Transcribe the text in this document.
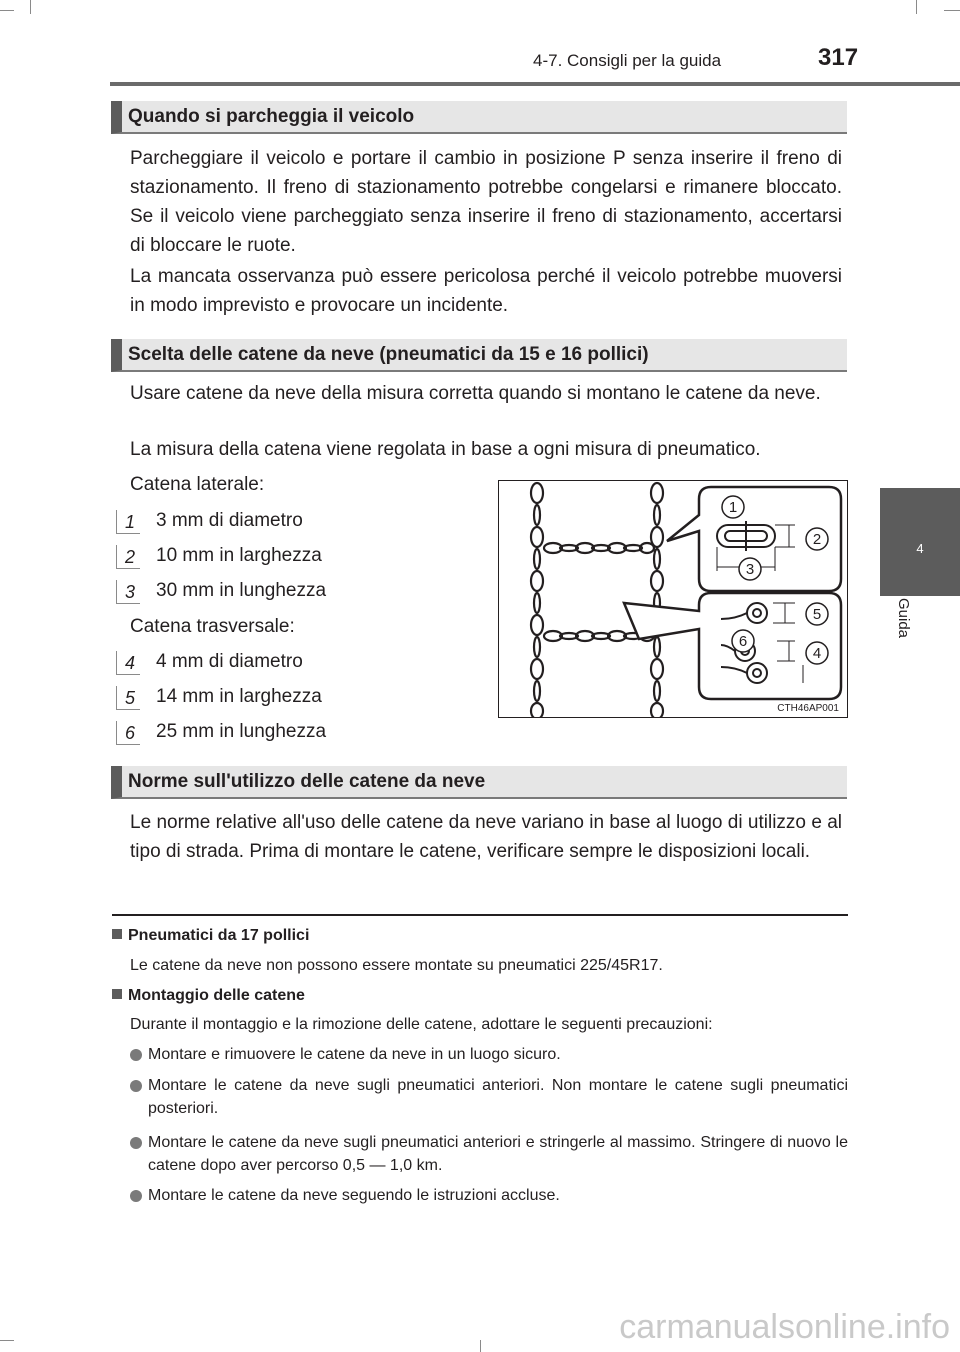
4-7. Consigli per la guida	317
4
Guida
Quando si parcheggia il veicolo
Parcheggiare il veicolo e portare il cambio in posizione P senza inserire il freno di stazionamento. Il freno di stazionamento potrebbe congelarsi e rimanere bloccato. Se il veicolo viene parcheggiato senza inserire il freno di stazionamento, accertarsi di bloccare le ruote.
La mancata osservanza può essere pericolosa perché il veicolo potrebbe muoversi in modo imprevisto e provocare un incidente.
Scelta delle catene da neve (pneumatici da 15 e 16 pollici)
Usare catene da neve della misura corretta quando si montano le catene da neve.
La misura della catena viene regolata in base a ogni misura di pneumatico.
Catena laterale:
1 3 mm di diametro
2 10 mm in larghezza
3 30 mm in lunghezza
Catena trasversale:
4 4 mm di diametro
5 14 mm in larghezza
6 25 mm in lunghezza
1
2
3
4
5
6
CTH46AP001
Norme sull'utilizzo delle catene da neve
Le norme relative all'uso delle catene da neve variano in base al luogo di utilizzo e al tipo di strada. Prima di montare le catene, verificare sempre le disposizioni locali.
Pneumatici da 17 pollici
Le catene da neve non possono essere montate su pneumatici 225/45R17.
Montaggio delle catene
Durante il montaggio e la rimozione delle catene, adottare le seguenti precauzioni:
Montare e rimuovere le catene da neve in un luogo sicuro.
Montare le catene da neve sugli pneumatici anteriori. Non montare le catene sugli pneumatici posteriori.
Montare le catene da neve sugli pneumatici anteriori e stringerle al massimo. Stringere di nuovo le catene dopo aver percorso 0,5 — 1,0 km.
Montare le catene da neve seguendo le istruzioni accluse.
carmanualsonline.info
